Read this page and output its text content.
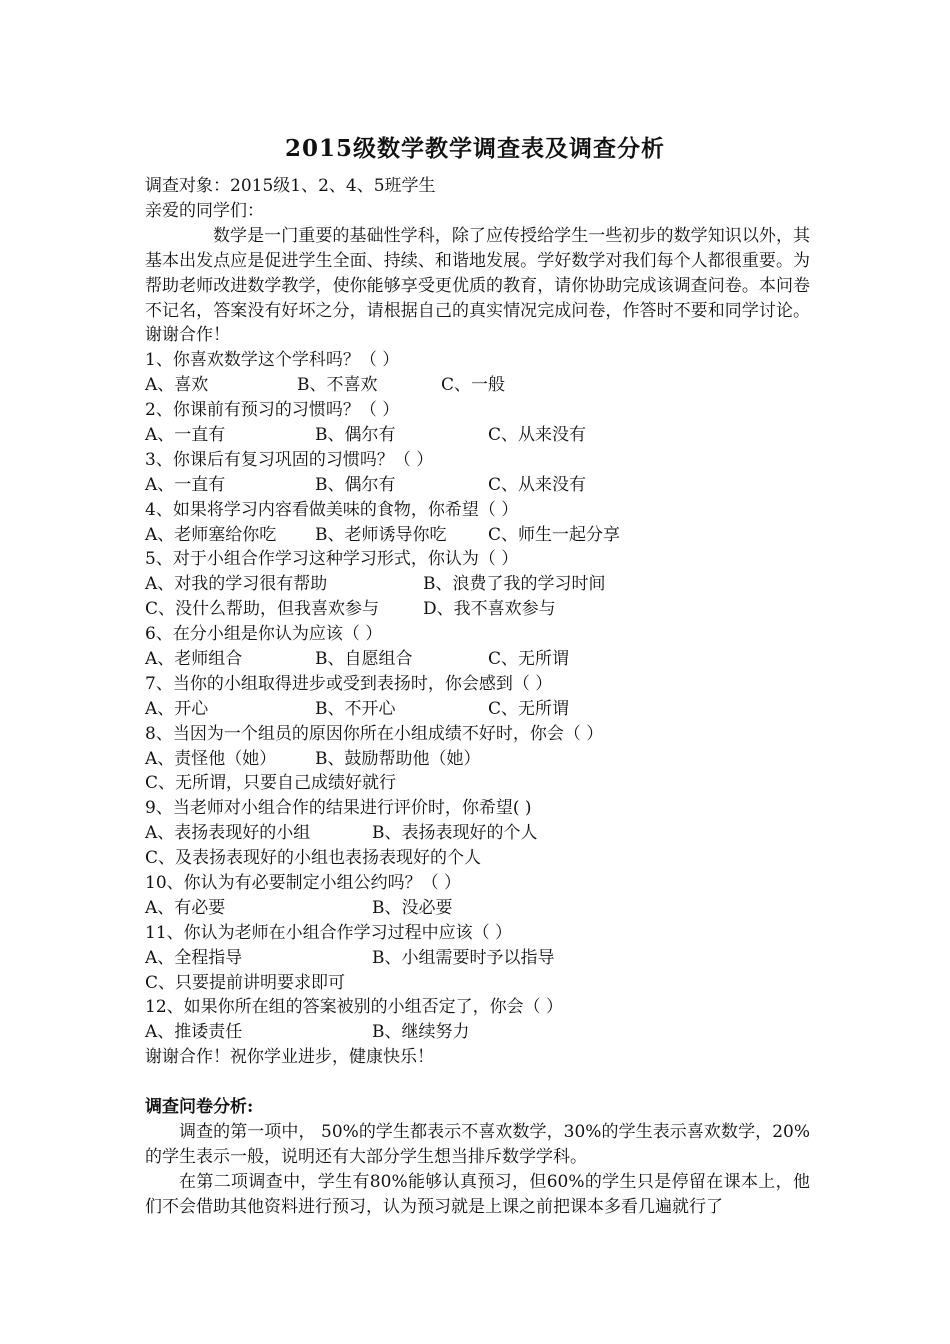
2015级数学教学调查表及调查分析
调查对象：2015级1、2、4、5班学生
亲爱的同学们：

数学是一门重要的基础性学科，除了应传授给学生一些初步的数学知识以外，其基本出发点应是促进学生全面、持续、和谐地发展。学好数学对我们每个人都很重要。为帮助老师改进数学教学，使你能够享受更优质的教育，请你协助完成该调查问卷。本问卷不记名，答案没有好坏之分，请根据自己的真实情况完成问卷，作答时不要和同学讨论。谢谢合作！

1、你喜欢数学这个学科吗？（ ）
A、喜欢	B、不喜欢	C、一般
2、你课前有预习的习惯吗？（ ）
A、一直有	B、偶尔有	C、从来没有
3、你课后有复习巩固的习惯吗？（ ）
A、一直有	B、偶尔有	C、从来没有
4、如果将学习内容看做美味的食物，你希望（ ）
A、老师塞给你吃 B、老师诱导你吃 C、师生一起分享
5、对于小组合作学习这种学习形式，你认为（ ）
A、对我的学习很有帮助	B、浪费了我的学习时间
C、没什么帮助，但我喜欢参与	D、我不喜欢参与
6、在分小组是你认为应该（ ）
A、老师组合	B、自愿组合	C、无所谓
7、当你的小组取得进步或受到表扬时，你会感到（ ）
A、开心	B、不开心	C、无所谓
8、当因为一个组员的原因你所在小组成绩不好时，你会（ ）
A、责怪他（她） B、鼓励帮助他（她）
C、无所谓，只要自己成绩好就行
9、当老师对小组合作的结果进行评价时，你希望( )
A、表扬表现好的小组	B、表扬表现好的个人
C、及表扬表现好的小组也表扬表现好的个人
10、你认为有必要制定小组公约吗？（ ）
A、有必要	B、没必要
11、你认为老师在小组合作学习过程中应该（ ）
A、全程指导	B、小组需要时予以指导
C、只要提前讲明要求即可
12、如果你所在组的答案被别的小组否定了，你会（ ）
A、推诿责任	B、继续努力
谢谢合作！祝你学业进步，健康快乐！
调查问卷分析:

调查的第一项中， 50%的学生都表示不喜欢数学，30%的学生表示喜欢数学，20%的学生表示一般，说明还有大部分学生想当排斥数学学科。

在第二项调查中，学生有80%能够认真预习，但60%的学生只是停留在课本上，他们不会借助其他资料进行预习，认为预习就是上课之前把课本多看几遍就行了
